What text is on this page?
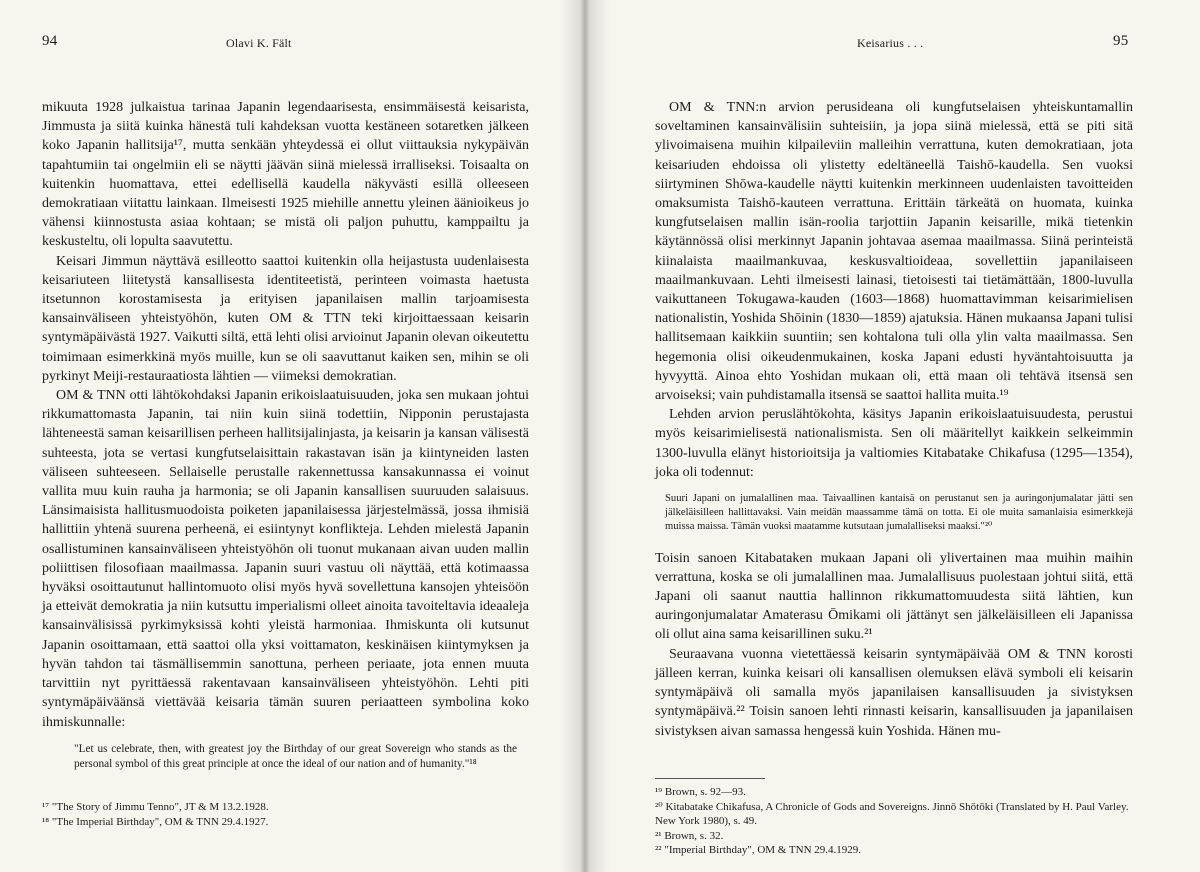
94	Olavi K. Fält

mikuuta 1928 julkaistua tarinaa Japanin legendaarisesta, ensimmäisestä keisarista, Jimmusta ja siitä kuinka hänestä tuli kahdeksan vuotta kestäneen sotaretken jälkeen koko Japanin hallitsija¹⁷, mutta senkään yhteydessä ei ollut viittauksia nykypäivän tapahtumiin tai ongelmiin eli se näytti jäävän siinä mielessä irralliseksi. Toisaalta on kuitenkin huomattava, ettei edellisellä kaudella näkyvästi esillä olleeseen demokratiaan viitattu lainkaan. Ilmeisesti 1925 miehille annettu yleinen äänioikeus jo vähensi kiinnostusta asiaa kohtaan; se mistä oli paljon puhuttu, kamppailtu ja keskusteltu, oli lopulta saavutettu.

Keisari Jimmun näyttävä esilleotto saattoi kuitenkin olla heijastusta uudenlaisesta keisariuteen liitetystä kansallisesta identiteetistä, perinteen voimasta haetusta itsetunnon korostamisesta ja erityisen japanilaisen mallin tarjoamisesta kansainväliseen yhteistyöhön, kuten OM & TTN teki kirjoittaessaan keisarin syntymäpäivästä 1927. Vaikutti siltä, että lehti olisi arvioinut Japanin olevan oikeutettu toimimaan esimerkkinä myös muille, kun se oli saavuttanut kaiken sen, mihin se oli pyrkinyt Meiji-restauraatiosta lähtien — viimeksi demokratian.

OM & TNN otti lähtökohdaksi Japanin erikoislaatuisuuden, joka sen mukaan johtui rikkumattomasta Japanin, tai niin kuin siinä todettiin, Nipponin perustajasta lähteneestä saman keisarillisen perheen hallitsijalinjasta, ja keisarin ja kansan välisestä suhteesta, jota se vertasi kungfutselaisittain rakastavan isän ja kiintyneiden lasten väliseen suhteeseen. Sellaiselle perustalle rakennettussa kansakunnassa ei voinut vallita muu kuin rauha ja harmonia; se oli Japanin kansallisen suuruuden salaisuus. Länsimaisista hallitusmuodoista poiketen japanilaisessa järjestelmässä, jossa ihmisiä hallittiin yhtenä suurena perheenä, ei esiintynyt konflikteja. Lehden mielestä Japanin osallistuminen kansainväliseen yhteistyöhön oli tuonut mukanaan aivan uuden mallin poliittisen filosofiaan maailmassa. Japanin suuri vastuu oli näyttää, että kotimaassa hyväksi osoittautunut hallintomuoto olisi myös hyvä sovellettuna kansojen yhteisöön ja etteivät demokratia ja niin kutsuttu imperialismi olleet ainoita tavoiteltavia ideaaleja kansainvälisissä pyrkimyksissä kohti yleistä harmoniaa. Ihmiskunta oli kutsunut Japanin osoittamaan, että saattoi olla yksi voittamaton, keskinäisen kiintymyksen ja hyvän tahdon tai täsmällisemmin sanottuna, perheen periaate, jota ennen muuta tarvittiin nyt pyrittäessä rakentavaan kansainväliseen yhteistyöhön. Lehti piti syntymäpäiväänsä viettävää keisaria tämän suuren periaatteen symbolina koko ihmiskunnalle:

"Let us celebrate, then, with greatest joy the Birthday of our great Sovereign who stands as the personal symbol of this great principle at once the ideal of our nation and of humanity."¹⁸
¹⁷ "The Story of Jimmu Tenno", JT & M 13.2.1928.
¹⁸ "The Imperial Birthday", OM & TNN 29.4.1927.
Keisarius . . .	95

OM & TNN:n arvion perusideana oli kungfutselaisen yhteiskuntamallin soveltaminen kansainvälisiin suhteisiin, ja jopa siinä mielessä, että se piti sitä ylivoimaisena muihin kilpaileviin malleihin verrattuna, kuten demokratiaan, jota keisariuden ehdoissa oli ylistetty edeltäneellä Taishō-kaudella. Sen vuoksi siirtyminen Shōwa-kaudelle näytti kuitenkin merkinneen uudenlaisten tavoitteiden omaksumista Taishō-kauteen verrattuna. Erittäin tärkeätä on huomata, kuinka kungfutselaisen mallin isän-roolia tarjottiin Japanin keisarille, mikä tietenkin käytännössä olisi merkinnyt Japanin johtavaa asemaa maailmassa. Siinä perinteistä kiinalaista maailmankuvaa, keskusvaltioideaa, sovellettiin japanilaiseen maailmankuvaan. Lehti ilmeisesti lainasi, tietoisesti tai tietämättään, 1800-luvulla vaikuttaneen Tokugawa-kauden (1603—1868) huomattavimman keisarimielisen nationalistin, Yoshida Shōinin (1830—1859) ajatuksia. Hänen mukaansa Japani tulisi hallitsemaan kaikkiin suuntiin; sen kohtalona tuli olla ylin valta maailmassa. Sen hegemonia olisi oikeudenmukainen, koska Japani edusti hyväntahtoisuutta ja hyvyyttä. Ainoa ehto Yoshidan mukaan oli, että maan oli tehtävä itsensä sen arvoiseksi; vain puhdistamalla itsensä se saattoi hallita muita.¹⁹

Lehden arvion peruslähtökohta, käsitys Japanin erikoislaatuisuudesta, perustui myös keisarimielisestä nationalismista. Sen oli määritellyt kaikkein selkeimmin 1300-luvulla elänyt historioitsija ja valtiomies Kitabatake Chikafusa (1295—1354), joka oli todennut:

Suuri Japani on jumalallinen maa. Taivaallinen kantaisä on perustanut sen ja auringonjumalatar jätti sen jälkeläisilleen hallittavaksi. Vain meidän maassamme tämä on totta. Ei ole muita samanlaisia esimerkkejä muissa maissa. Tämän vuoksi maatamme kutsutaan jumalalliseksi maaksi."²⁰

Toisin sanoen Kitabataken mukaan Japani oli ylivertainen maa muihin maihin verrattuna, koska se oli jumalallinen maa. Jumalallisuus puolestaan johtui siitä, että Japani oli saanut nauttia hallinnon rikkumattomuudesta siitä lähtien, kun auringonjumalatar Amaterasu Ōmikami oli jättänyt sen jälkeläisilleen eli Japanissa oli ollut aina sama keisarillinen suku.²¹

Seuraavana vuonna vietettäessä keisarin syntymäpäivää OM & TNN korosti jälleen kerran, kuinka keisari oli kansallisen olemuksen elävä symboli eli keisarin syntymäpäivä oli samalla myös japanilaisen kansallisuuden ja sivistyksen syntymäpäivä.²² Toisin sanoen lehti rinnasti keisarin, kansallisuuden ja japanilaisen sivistyksen aivan samassa hengessä kuin Yoshida. Hänen mu-

¹⁹ Brown, s. 92—93.
²⁰ Kitabatake Chikafusa, A Chronicle of Gods and Sovereigns. Jinnō Shōtōki (Translated by H. Paul Varley. New York 1980), s. 49.
²¹ Brown, s. 32.
²² "Imperial Birthday", OM & TNN 29.4.1929.
